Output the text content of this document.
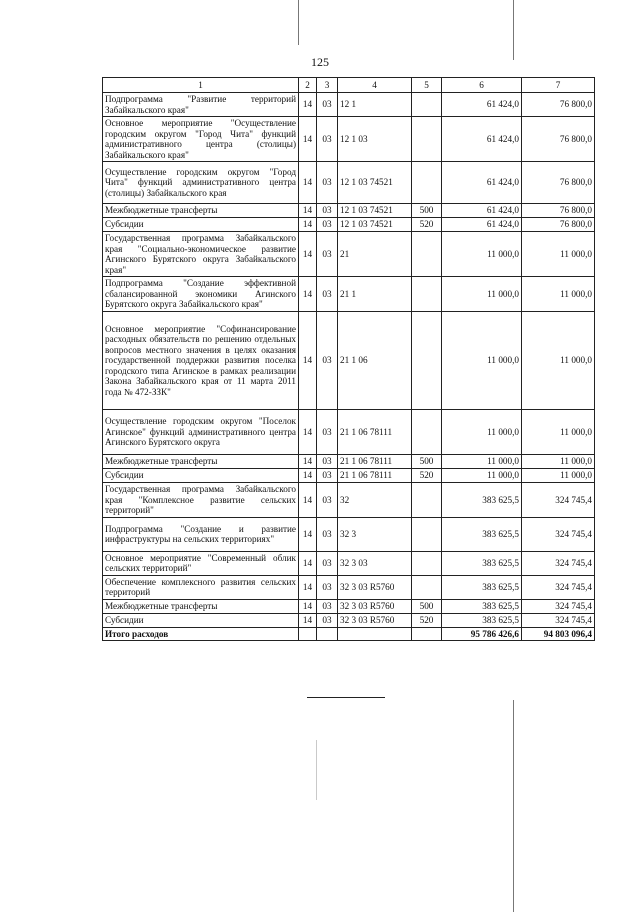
125
1	2	3	4	5	6	7
Подпрограмма "Развитие территорий Забайкальского края"	14	03	12 1		61 424,0	76 800,0
Основное мероприятие "Осуществление городским округом "Город Чита" функций административного центра (столицы) Забайкальского края"	14	03	12 1 03		61 424,0	76 800,0
Осуществление городским округом "Город Чита" функций административного центра (столицы) Забайкальского края	14	03	12 1 03 74521		61 424,0	76 800,0
Межбюджетные трансферты	14	03	12 1 03 74521	500	61 424,0	76 800,0
Субсидии	14	03	12 1 03 74521	520	61 424,0	76 800,0
Государственная программа Забайкальского края "Социально-экономическое развитие Агинского Бурятского округа Забайкальского края"	14	03	21		11 000,0	11 000,0
Подпрограмма "Создание эффективной сбалансированной экономики Агинского Бурятского округа Забайкальского края"	14	03	21 1		11 000,0	11 000,0
Основное мероприятие "Софинансирование расходных обязательств по решению отдельных вопросов местного значения в целях оказания государственной поддержки развития поселка городского типа Агинское в рамках реализации Закона Забайкальского края от 11 марта 2011 года № 472-ЗЗК"	14	03	21 1 06		11 000,0	11 000,0
Осуществление городским округом "Поселок Агинское" функций административного центра Агинского Бурятского округа	14	03	21 1 06 78111		11 000,0	11 000,0
Межбюджетные трансферты	14	03	21 1 06 78111	500	11 000,0	11 000,0
Субсидии	14	03	21 1 06 78111	520	11 000,0	11 000,0
Государственная программа Забайкальского края "Комплексное развитие сельских территорий"	14	03	32		383 625,5	324 745,4
Подпрограмма "Создание и развитие инфраструктуры на сельских территориях"	14	03	32 3		383 625,5	324 745,4
Основное мероприятие "Современный облик сельских территорий"	14	03	32 3 03		383 625,5	324 745,4
Обеспечение комплексного развития сельских территорий	14	03	32 3 03 R5760		383 625,5	324 745,4
Межбюджетные трансферты	14	03	32 3 03 R5760	500	383 625,5	324 745,4
Субсидии	14	03	32 3 03 R5760	520	383 625,5	324 745,4
Итого расходов					95 786 426,6	94 803 096,4
